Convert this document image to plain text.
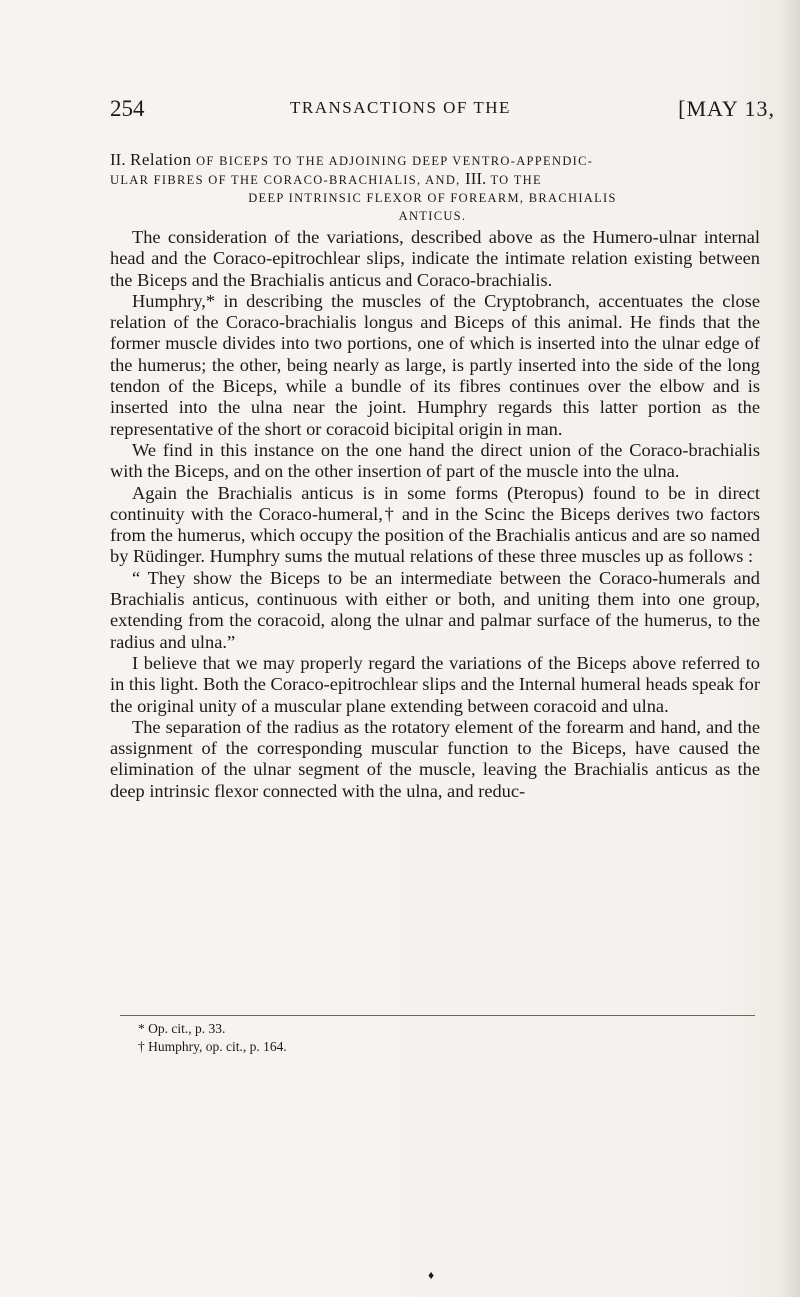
254	TRANSACTIONS OF THE	[MAY 13,
II. Relation OF BICEPS TO THE ADJOINING DEEP VENTRO-APPENDIC-
ULAR FIBRES OF THE CORACO-BRACHIALIS, AND, III. TO THE
DEEP INTRINSIC FLEXOR OF FOREARM, BRACHIALIS
ANTICUS.

The consideration of the variations, described above as the Humero-ulnar internal head and the Coraco-epitrochlear slips, indicate the intimate relation existing between the Biceps and the Brachialis anticus and Coraco-brachialis.

Humphry,* in describing the muscles of the Cryptobranch, accentuates the close relation of the Coraco-brachialis longus and Biceps of this animal. He finds that the former muscle divides into two portions, one of which is inserted into the ulnar edge of the humerus; the other, being nearly as large, is partly inserted into the side of the long tendon of the Biceps, while a bundle of its fibres continues over the elbow and is inserted into the ulna near the joint. Humphry regards this latter portion as the representative of the short or coracoid bicipital origin in man.

We find in this instance on the one hand the direct union of the Coraco-brachialis with the Biceps, and on the other insertion of part of the muscle into the ulna.

Again the Brachialis anticus is in some forms (Pteropus) found to be in direct continuity with the Coraco-humeral,† and in the Scinc the Biceps derives two factors from the humerus, which occupy the position of the Brachialis anticus and are so named by Rüdinger. Humphry sums the mutual relations of these three muscles up as follows :

“ They show the Biceps to be an intermediate between the Coraco-humerals and Brachialis anticus, continuous with either or both, and uniting them into one group, extending from the coracoid, along the ulnar and palmar surface of the humerus, to the radius and ulna.”

I believe that we may properly regard the variations of the Biceps above referred to in this light. Both the Coraco-epitrochlear slips and the Internal humeral heads speak for the original unity of a muscular plane extending between coracoid and ulna.

The separation of the radius as the rotatory element of the forearm and hand, and the assignment of the corresponding muscular function to the Biceps, have caused the elimination of the ulnar segment of the muscle, leaving the Brachialis anticus as the deep intrinsic flexor connected with the ulna, and reduc-

* Op. cit., p. 33.
† Humphry, op. cit., p. 164.
♦
